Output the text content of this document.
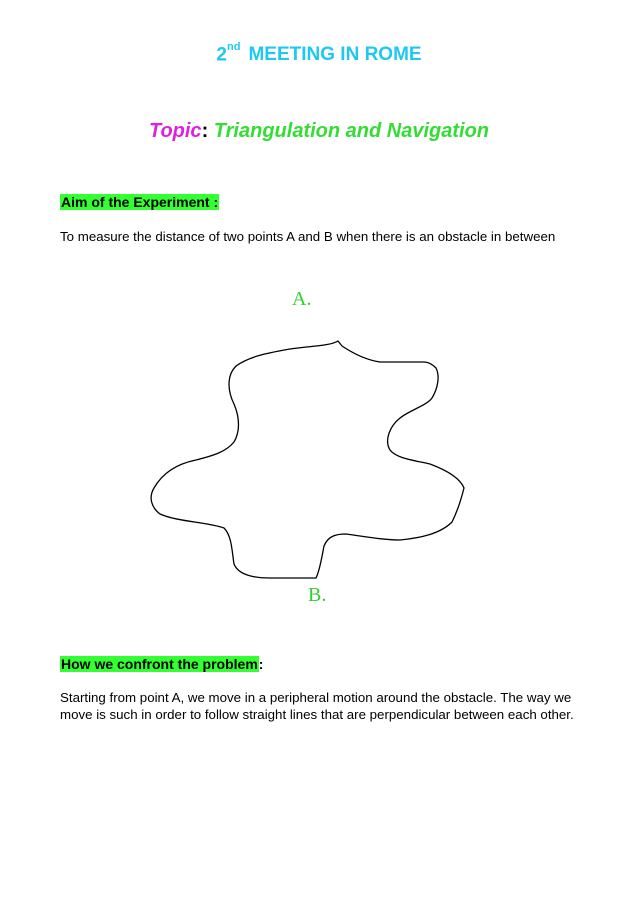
2nd MEETING IN ROME
Topic: Triangulation and Navigation
Aim of the Experiment :
To measure the distance of two points A and B when there is an obstacle in between
A.
B.
How we confront the problem:
Starting from point A, we move in a peripheral motion around the obstacle. The way we move is such in order to follow straight lines that are perpendicular between each other.
